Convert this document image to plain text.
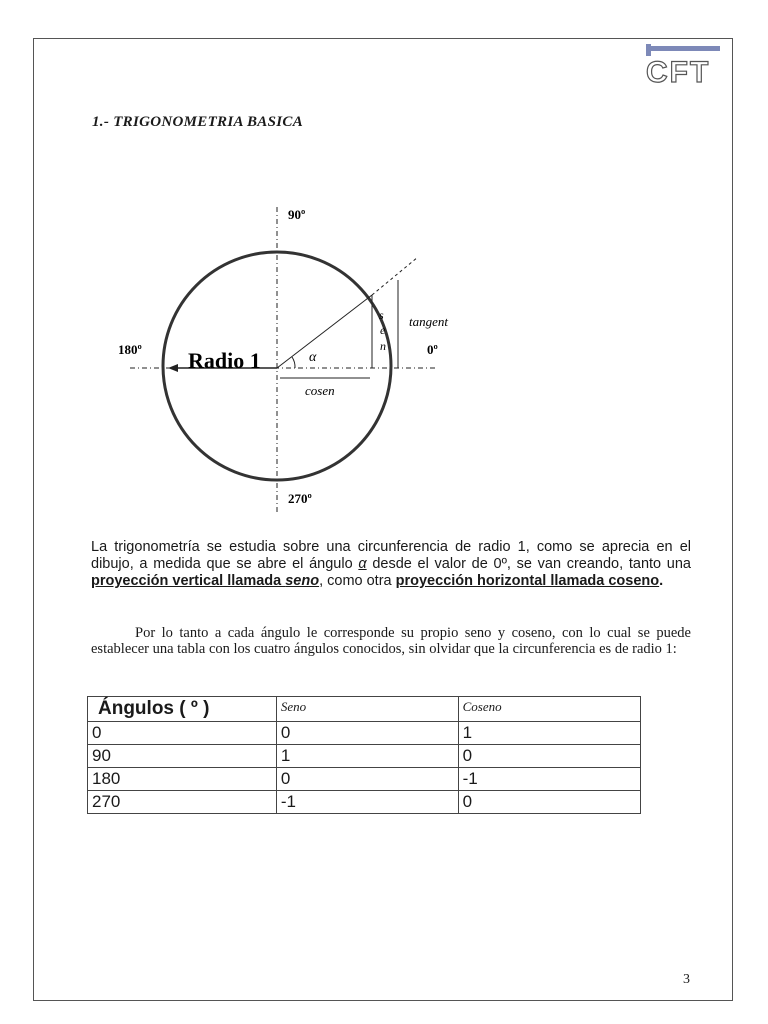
CFT
1.- TRIGONOMETRIA BASICA
90º
180º	0º
270º
Radio 1
s
e
n
tangent
cosen
α

La trigonometría se estudia sobre una circunferencia de radio 1, como se aprecia en el dibujo, a medida que se abre el ángulo α desde el valor de 0º, se van creando, tanto una proyección vertical llamada seno, como otra proyección horizontal llamada coseno.

Por lo tanto a cada ángulo le corresponde su propio seno y coseno, con lo cual se puede establecer una tabla con los cuatro ángulos conocidos, sin olvidar que la circunferencia es de radio 1:

Ángulos ( º )	Seno	Coseno
0	0	1
90	1	0
180	0	-1
270	-1	0

3
